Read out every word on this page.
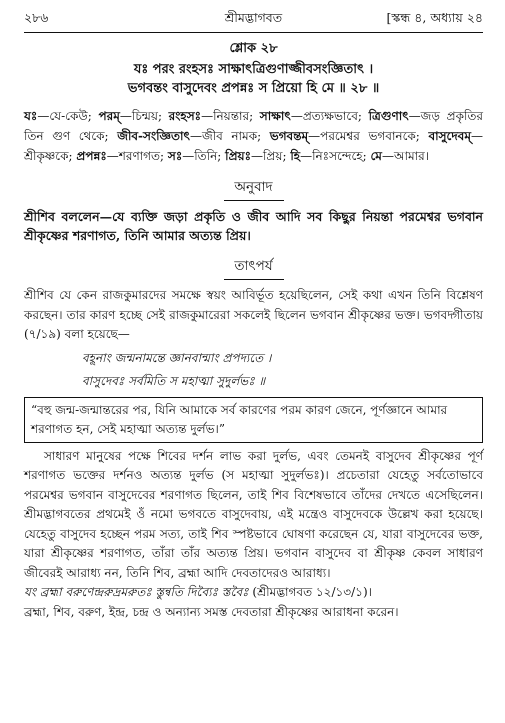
২৮৬	শ্রীমদ্ভাগবত	[স্কন্ধ ৪, অধ্যায় ২৪
শ্লোক ২৮
যঃ পরং রংহসঃ সাক্ষাৎত্রিগুণাজ্জীবসংজ্ঞিতাৎ ।
ভগবন্তং বাসুদেবং প্রপন্নঃ স প্রিয়ো হি মে ॥ ২৮ ॥
যঃ—যে-কেউ; পরম্—চিন্ময়; রংহসঃ—নিয়ন্তার; সাক্ষাৎ—প্রত্যক্ষভাবে; ত্রিগুণাৎ—জড় প্রকৃতির তিন গুণ থেকে; জীব-সংজ্ঞিতাৎ—জীব নামক; ভগবন্তম্—পরমেশ্বর ভগবানকে; বাসুদেবম্—শ্রীকৃষ্ণকে; প্রপন্নঃ—শরণাগত; সঃ—তিনি; প্রিয়ঃ—প্রিয়; হি—নিঃসন্দেহে; মে—আমার।
অনুবাদ
শ্রীশিব বললেন—যে ব্যক্তি জড়া প্রকৃতি ও জীব আদি সব কিছুর নিয়ন্তা পরমেশ্বর ভগবান শ্রীকৃষ্ণের শরণাগত, তিনি আমার অত্যন্ত প্রিয়।
তাৎপর্য
শ্রীশিব যে কেন রাজকুমারদের সমক্ষে স্বয়ং আবির্ভূত হয়েছিলেন, সেই কথা এখন তিনি বিশ্লেষণ করছেন। তার কারণ হচ্ছে সেই রাজকুমারেরা সকলেই ছিলেন ভগবান শ্রীকৃষ্ণের ভক্ত। ভগবদ্গীতায় (৭/১৯) বলা হয়েছে—
বহূনাং জন্মনামন্তে জ্ঞানবান্মাং প্রপদ্যতে ।
বাসুদেবঃ সর্বমিতি স মহাত্মা সুদুর্লভঃ ॥
“বহু জন্ম-জন্মান্তরের পর, যিনি আমাকে সর্ব কারণের পরম কারণ জেনে, পূর্ণজ্ঞানে আমার শরণাগত হন, সেই মহাত্মা অত্যন্ত দুর্লভ।”
সাধারণ মানুষের পক্ষে শিবের দর্শন লাভ করা দুর্লভ, এবং তেমনই বাসুদেব শ্রীকৃষ্ণের পূর্ণ শরণাগত ভক্তের দর্শনও অত্যন্ত দুর্লভ (স মহাত্মা সুদুর্লভঃ)। প্রচেতারা যেহেতু সর্বতোভাবে পরমেশ্বর ভগবান বাসুদেবের শরণাগত ছিলেন, তাই শিব বিশেষভাবে তাঁদের দেখতে এসেছিলেন। শ্রীমদ্ভাগবতের প্রথমেই ওঁ নমো ভগবতে বাসুদেবায়, এই মন্ত্রেও বাসুদেবকে উল্লেখ করা হয়েছে। যেহেতু বাসুদেব হচ্ছেন পরম সত্য, তাই শিব স্পষ্টভাবে ঘোষণা করেছেন যে, যারা বাসুদেবের ভক্ত, যারা শ্রীকৃষ্ণের শরণাগত, তাঁরা তাঁর অত্যন্ত প্রিয়। ভগবান বাসুদেব বা শ্রীকৃষ্ণ কেবল সাধারণ জীবেরই আরাধ্য নন, তিনি শিব, ব্রহ্মা আদি দেবতাদেরও আরাধ্য।
যং ব্রহ্মা বরুণেন্দ্ররুদ্রমরুতঃ স্তুন্বতি দিব্যৈঃ স্তবৈঃ (শ্রীমদ্ভাগবত ১২/১৩/১)।
ব্রহ্মা, শিব, বরুণ, ইন্দ্র, চন্দ্র ও অন্যান্য সমস্ত দেবতারা শ্রীকৃষ্ণের আরাধনা করেন।
